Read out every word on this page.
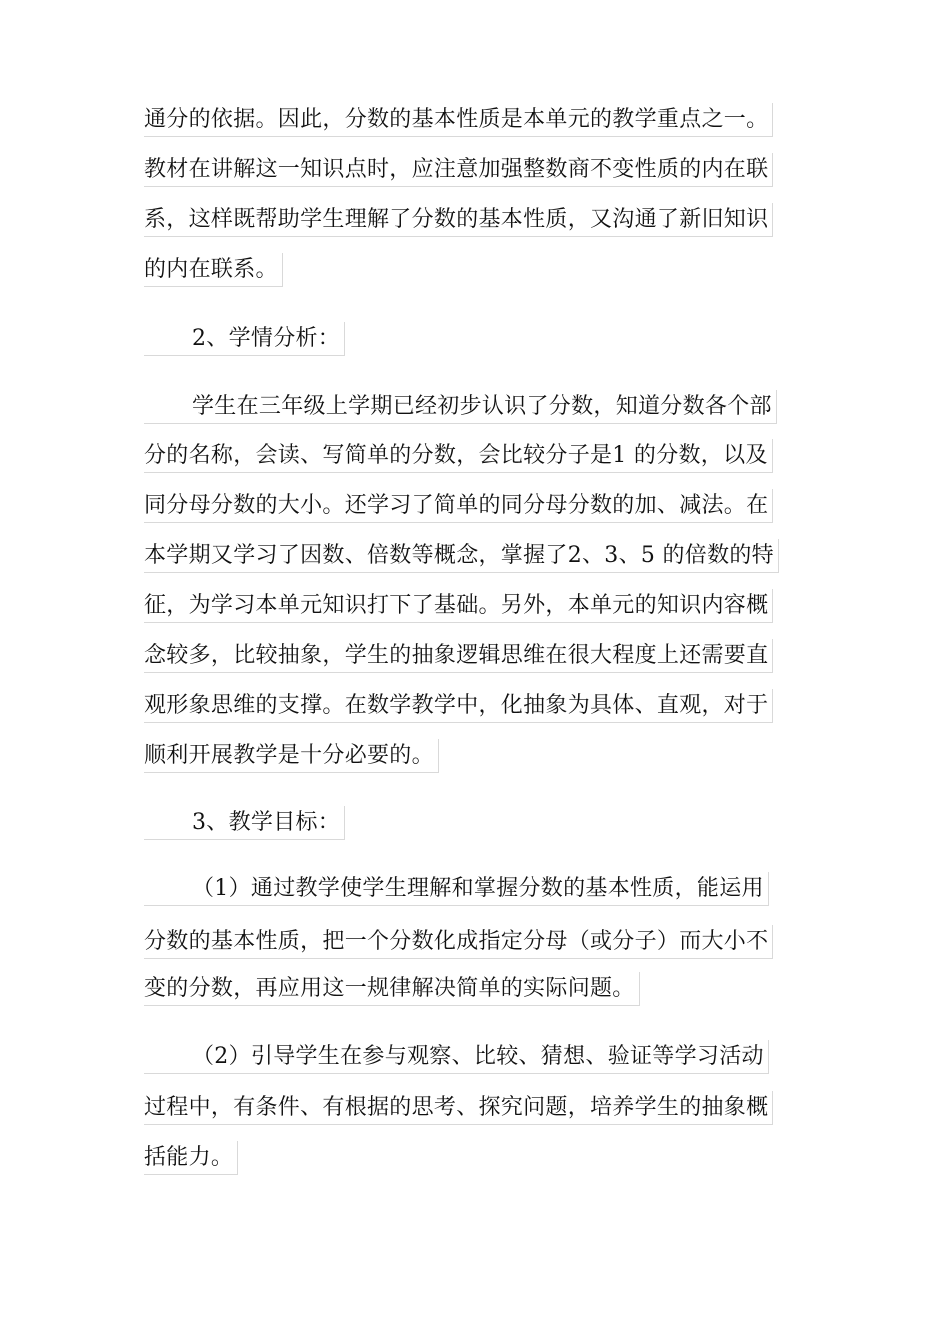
通分的依据。因此，分数的基本性质是本单元的教学重点之一。
教材在讲解这一知识点时，应注意加强整数商不变性质的内在联
系，这样既帮助学生理解了分数的基本性质，又沟通了新旧知识
的内在联系。
2、学情分析：
学生在三年级上学期已经初步认识了分数，知道分数各个部
分的名称，会读、写简单的分数，会比较分子是1 的分数，以及
同分母分数的大小。还学习了简单的同分母分数的加、减法。在
本学期又学习了因数、倍数等概念，掌握了2、3、5 的倍数的特
征，为学习本单元知识打下了基础。另外，本单元的知识内容概
念较多，比较抽象，学生的抽象逻辑思维在很大程度上还需要直
观形象思维的支撑。在数学教学中，化抽象为具体、直观，对于
顺利开展教学是十分必要的。
3、教学目标：
（1）通过教学使学生理解和掌握分数的基本性质，能运用
分数的基本性质，把一个分数化成指定分母（或分子）而大小不
变的分数，再应用这一规律解决简单的实际问题。
（2）引导学生在参与观察、比较、猜想、验证等学习活动
过程中，有条件、有根据的思考、探究问题，培养学生的抽象概
括能力。
